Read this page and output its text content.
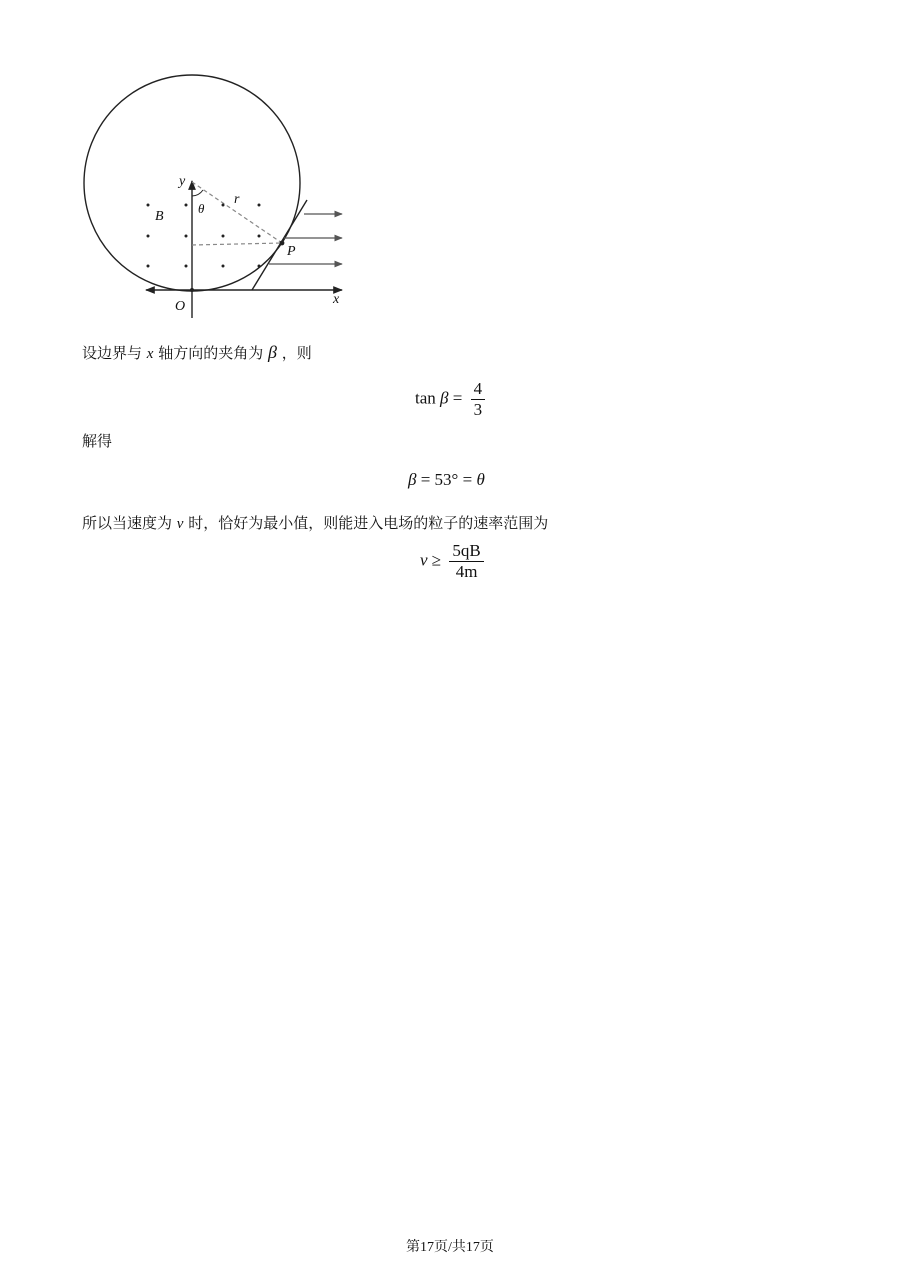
y
x
O
B
θ
r
P
设边界与 x 轴方向的夹角为 β ，则
$\tan \beta = \frac{4}{3}$
解得
β = 53° = θ
所以当速度为 v 时，恰好为最小值，则能进入电场的粒子的速率范围为
$v \ge \frac{5qB}{4m}$
第17页/共17页
